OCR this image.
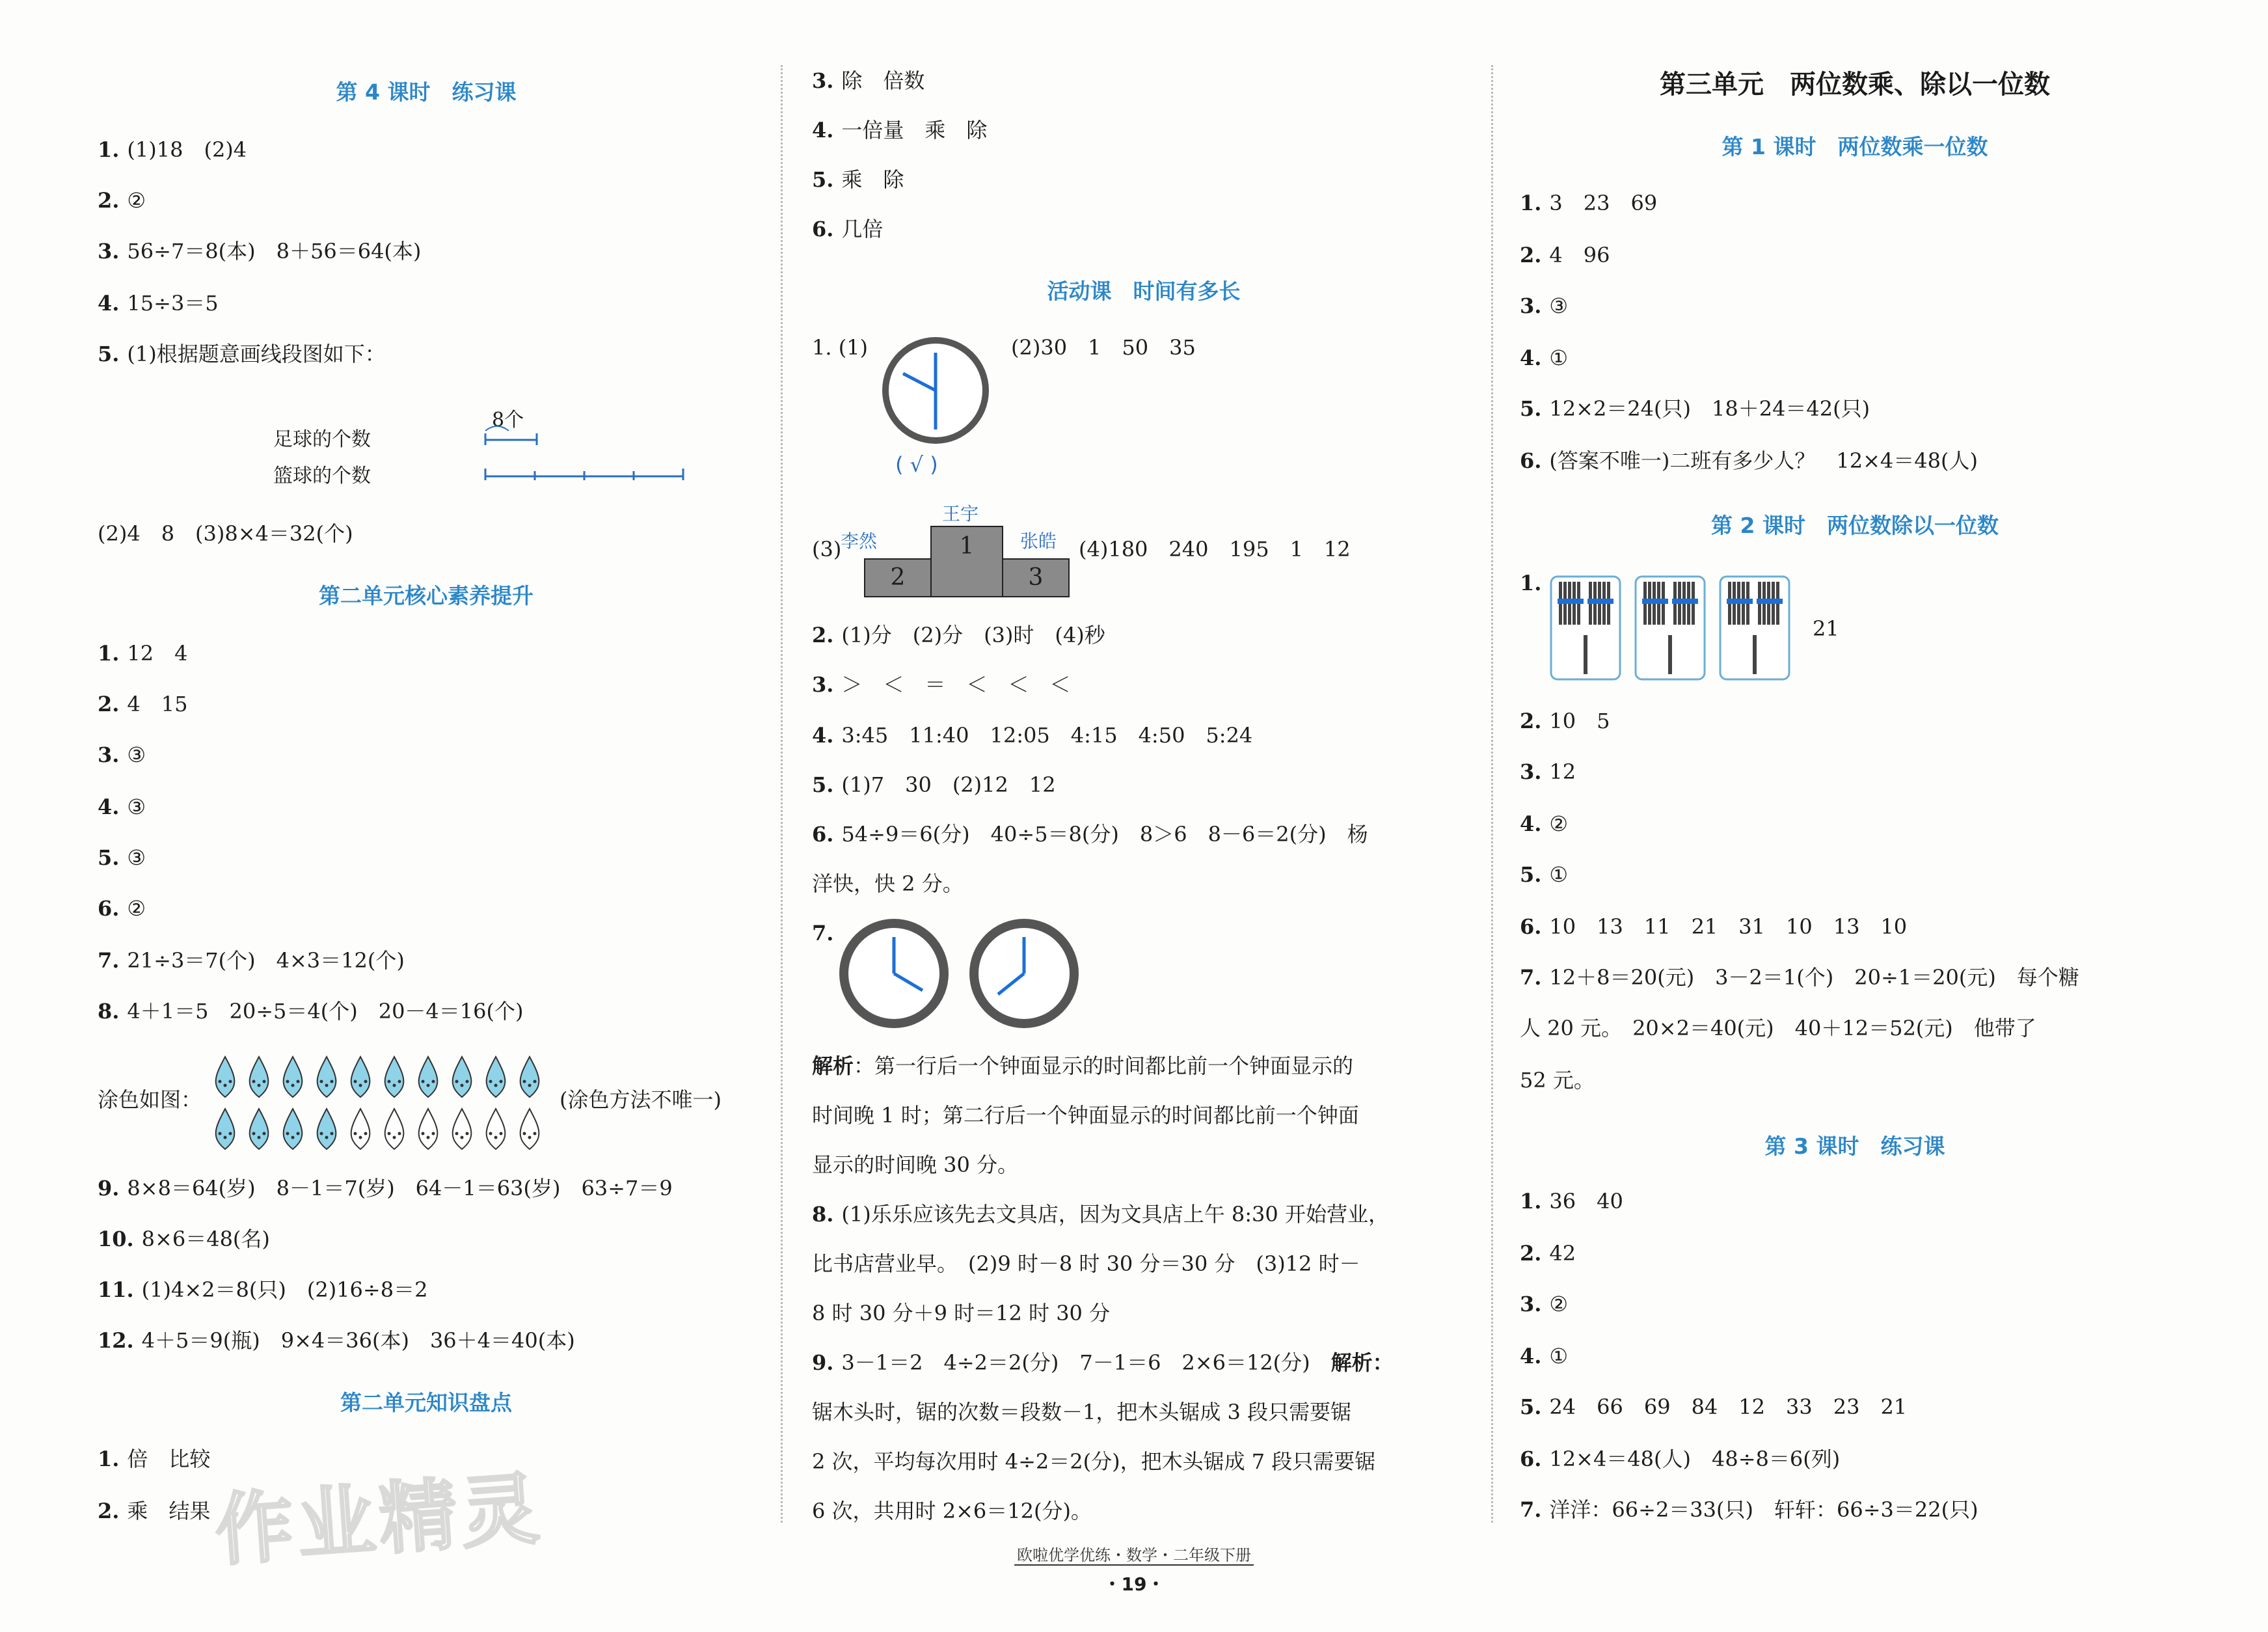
第 4 课时　练习课
1. (1)18　(2)4
2. ②
3. 56÷7＝8(本)　8＋56＝64(本)
4. 15÷3＝5
5. (1)根据题意画线段图如下：
8个
足球的个数
篮球的个数
(2)4　8　(3)8×4＝32(个)
第二单元核心素养提升
1. 12　4
2. 4　15
3. ③
4. ③
5. ③
6. ②
7. 21÷3＝7(个)　4×3＝12(个)
8. 4＋1＝5　20÷5＝4(个)　20－4＝16(个)
涂色如图：	(涂色方法不唯一)
9. 8×8＝64(岁)　8－1＝7(岁)　64－1＝63(岁)　63÷7＝9
10. 8×6＝48(名)
11. (1)4×2＝8(只)　(2)16÷8＝2
12. 4＋5＝9(瓶)　9×4＝36(本)　36＋4＝40(本)
第二单元知识盘点
1. 倍　比较
2. 乘　结果
3. 除　倍数
4. 一倍量　乘　除
5. 乘　除
6. 几倍
活动课　时间有多长
1. (1)	(2)30　1　50　35
( √ )
(3)
王宇
李然	张皓
1
2	3
(4)180　240　195　1　12
2. (1)分　(2)分　(3)时　(4)秒
3. ＞　＜　＝　＜　＜　＜
4. 3:45　11:40　12:05　4:15　4:50　5:24
5. (1)7　30　(2)12　12
6. 54÷9＝6(分)　40÷5＝8(分)　8＞6　8－6＝2(分)　杨
洋快，快 2 分。
7.
解析：第一行后一个钟面显示的时间都比前一个钟面显示的
时间晚 1 时；第二行后一个钟面显示的时间都比前一个钟面
显示的时间晚 30 分。
8. (1)乐乐应该先去文具店，因为文具店上午 8:30 开始营业，
比书店营业早。　(2)9 时－8 时 30 分＝30 分　(3)12 时－
8 时 30 分＋9 时＝12 时 30 分
9. 3－1＝2　4÷2＝2(分)　7－1＝6　2×6＝12(分)　解析：
锯木头时，锯的次数＝段数－1，把木头锯成 3 段只需要锯
2 次，平均每次用时 4÷2＝2(分)，把木头锯成 7 段只需要锯
6 次，共用时 2×6＝12(分)。
第三单元　两位数乘、除以一位数
第 1 课时　两位数乘一位数
1. 3　23　69
2. 4　96
3. ③
4. ①
5. 12×2＝24(只)　18＋24＝42(只)
6. (答案不唯一)二班有多少人？　12×4＝48(人)
第 2 课时　两位数除以一位数
1.
21
2. 10　5
3. 12
4. ②
5. ①
6. 10　13　11　21　31　10　13　10
7. 12＋8＝20(元)　3－2＝1(个)　20÷1＝20(元)　每个糖
人 20 元。　20×2＝40(元)　40＋12＝52(元)　他带了
52 元。
第 3 课时　练习课
1. 36　40
2. 42
3. ②
4. ①
5. 24　66　69　84　12　33　23　21
6. 12×4＝48(人)　48÷8＝6(列)
7. 洋洋：66÷2＝33(只)　轩轩：66÷3＝22(只)
作业精灵	欧啦优学优练・数学・二年级下册
・19・
